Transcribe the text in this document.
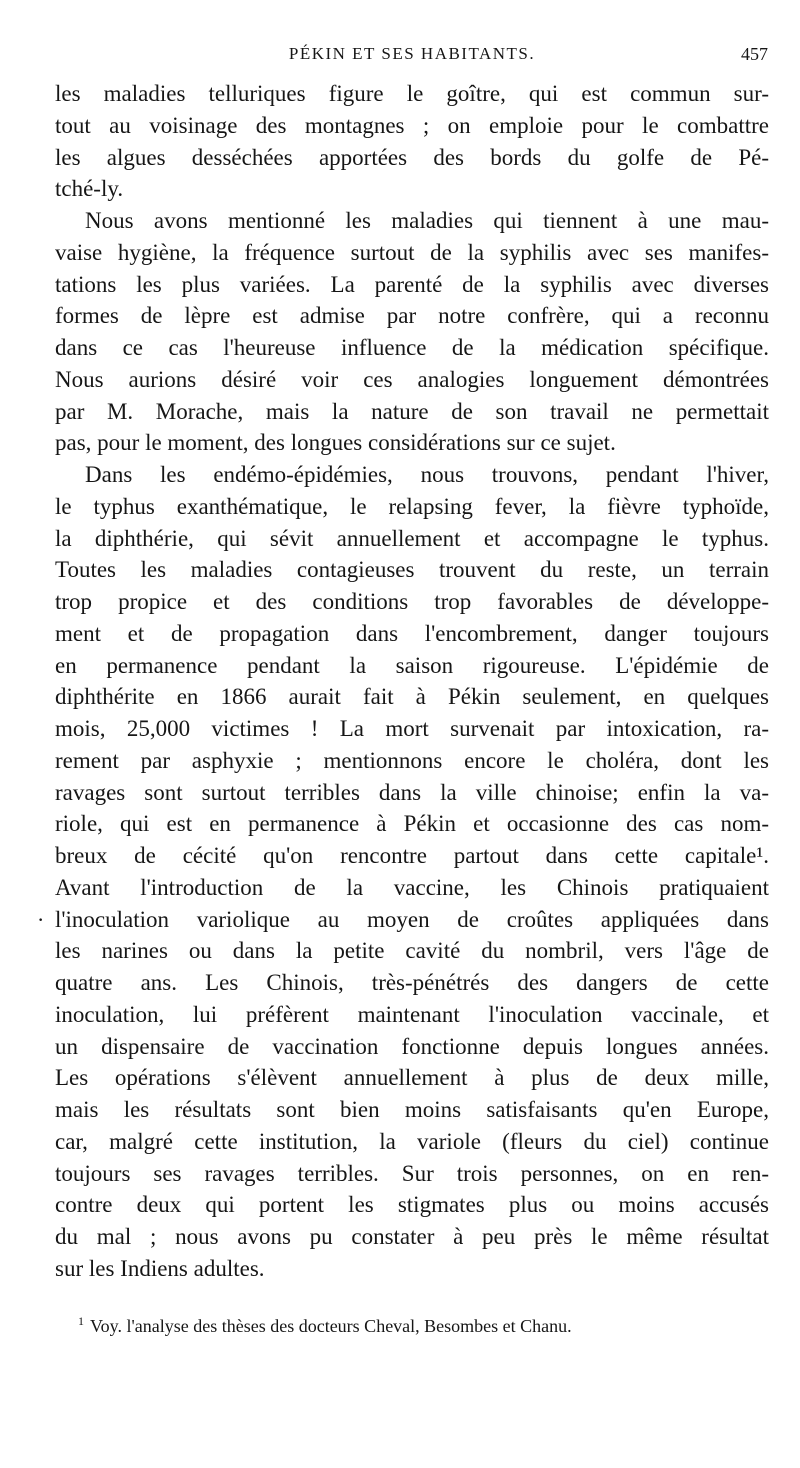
PÉKIN ET SES HABITANTS.	457
les maladies telluriques figure le goître, qui est commun sur-
tout au voisinage des montagnes ; on emploie pour le combattre
les algues desséchées apportées des bords du golfe de Pé-
tché-ly.
Nous avons mentionné les maladies qui tiennent à une mau-
vaise hygiène, la fréquence surtout de la syphilis avec ses manifes-
tations les plus variées. La parenté de la syphilis avec diverses
formes de lèpre est admise par notre confrère, qui a reconnu
dans ce cas l'heureuse influence de la médication spécifique.
Nous aurions désiré voir ces analogies longuement démontrées
par M. Morache, mais la nature de son travail ne permettait
pas, pour le moment, des longues considérations sur ce sujet.
Dans les endémo-épidémies, nous trouvons, pendant l'hiver,
le typhus exanthématique, le relapsing fever, la fièvre typhoïde,
la diphthérie, qui sévit annuellement et accompagne le typhus.
Toutes les maladies contagieuses trouvent du reste, un terrain
trop propice et des conditions trop favorables de développe-
ment et de propagation dans l'encombrement, danger toujours
en permanence pendant la saison rigoureuse. L'épidémie de
diphthérite en 1866 aurait fait à Pékin seulement, en quelques
mois, 25,000 victimes ! La mort survenait par intoxication, ra-
rement par asphyxie ; mentionnons encore le choléra, dont les
ravages sont surtout terribles dans la ville chinoise; enfin la va-
riole, qui est en permanence à Pékin et occasionne des cas nom-
breux de cécité qu'on rencontre partout dans cette capitale¹.
Avant l'introduction de la vaccine, les Chinois pratiquaient
· l'inoculation variolique au moyen de croûtes appliquées dans
les narines ou dans la petite cavité du nombril, vers l'âge de
quatre ans. Les Chinois, très-pénétrés des dangers de cette
inoculation, lui préfèrent maintenant l'inoculation vaccinale, et
un dispensaire de vaccination fonctionne depuis longues années.
Les opérations s'élèvent annuellement à plus de deux mille,
mais les résultats sont bien moins satisfaisants qu'en Europe,
car, malgré cette institution, la variole (fleurs du ciel) continue
toujours ses ravages terribles. Sur trois personnes, on en ren-
contre deux qui portent les stigmates plus ou moins accusés
du mal ; nous avons pu constater à peu près le même résultat
sur les Indiens adultes.
$^1$ Voy. l'analyse des thèses des docteurs Cheval, Besombes et Chanu.
